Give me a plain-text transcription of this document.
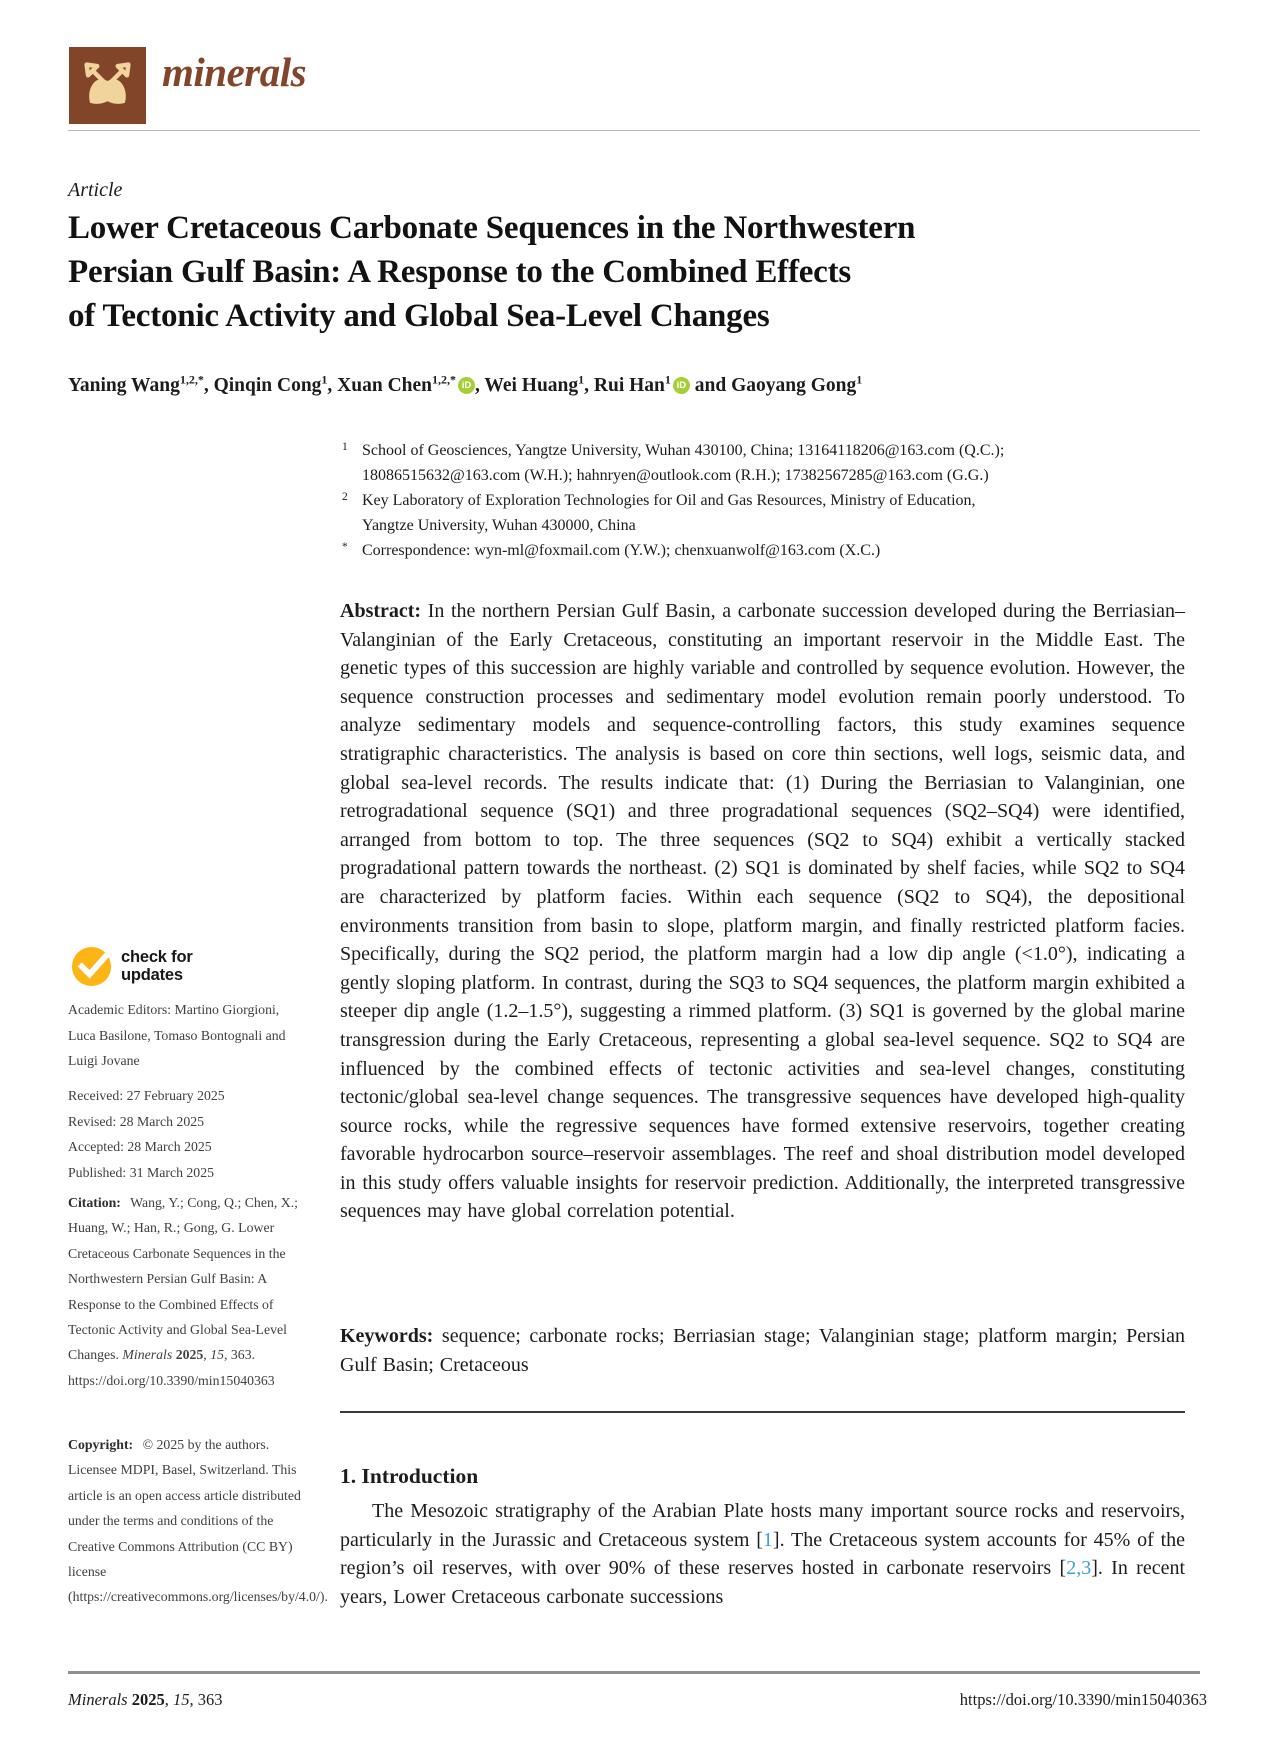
minerals
Article
Lower Cretaceous Carbonate Sequences in the Northwestern
Persian Gulf Basin: A Response to the Combined Effects
of Tectonic Activity and Global Sea-Level Changes
Yaning Wang$^{1,2,*}$, Qinqin Cong$^1$, Xuan Chen$^{1,2,*}$ iD , Wei Huang$^1$, Rui Han$^1$ iD and Gaoyang Gong$^1$
1 School of Geosciences, Yangtze University, Wuhan 430100, China; 13164118206@163.com (Q.C.);
18086515632@163.com (W.H.); hahnryen@outlook.com (R.H.); 17382567285@163.com (G.G.)
2 Key Laboratory of Exploration Technologies for Oil and Gas Resources, Ministry of Education,
Yangtze University, Wuhan 430000, China
* Correspondence: wyn-ml@foxmail.com (Y.W.); chenxuanwolf@163.com (X.C.)
Abstract: In the northern Persian Gulf Basin, a carbonate succession developed during the Berriasian–Valanginian of the Early Cretaceous, constituting an important reservoir in the Middle East. The genetic types of this succession are highly variable and controlled by sequence evolution. However, the sequence construction processes and sedimentary model evolution remain poorly understood. To analyze sedimentary models and sequence-controlling factors, this study examines sequence stratigraphic characteristics. The analysis is based on core thin sections, well logs, seismic data, and global sea-level records. The results indicate that: (1) During the Berriasian to Valanginian, one retrogradational sequence (SQ1) and three progradational sequences (SQ2–SQ4) were identified, arranged from bottom to top. The three sequences (SQ2 to SQ4) exhibit a vertically stacked progradational pattern towards the northeast. (2) SQ1 is dominated by shelf facies, while SQ2 to SQ4 are characterized by platform facies. Within each sequence (SQ2 to SQ4), the depositional environments transition from basin to slope, platform margin, and finally restricted platform facies. Specifically, during the SQ2 period, the platform margin had a low dip angle (<1.0°), indicating a gently sloping platform. In contrast, during the SQ3 to SQ4 sequences, the platform margin exhibited a steeper dip angle (1.2–1.5°), suggesting a rimmed platform. (3) SQ1 is governed by the global marine transgression during the Early Cretaceous, representing a global sea-level sequence. SQ2 to SQ4 are influenced by the combined effects of tectonic activities and sea-level changes, constituting tectonic/global sea-level change sequences. The transgressive sequences have developed high-quality source rocks, while the regressive sequences have formed extensive reservoirs, together creating favorable hydrocarbon source–reservoir assemblages. The reef and shoal distribution model developed in this study offers valuable insights for reservoir prediction. Additionally, the interpreted transgressive sequences may have global correlation potential.
Keywords: sequence; carbonate rocks; Berriasian stage; Valanginian stage; platform margin; Persian Gulf Basin; Cretaceous
1. Introduction
The Mesozoic stratigraphy of the Arabian Plate hosts many important source rocks and reservoirs, particularly in the Jurassic and Cretaceous system [1]. The Cretaceous system accounts for 45% of the region’s oil reserves, with over 90% of these reserves hosted in carbonate reservoirs [2,3]. In recent years, Lower Cretaceous carbonate successions
check for
updates
Academic Editors: Martino Giorgioni, Luca Basilone, Tomaso Bontognali and Luigi Jovane
Received: 27 February 2025
Revised: 28 March 2025
Accepted: 28 March 2025
Published: 31 March 2025
Citation: Wang, Y.; Cong, Q.; Chen, X.; Huang, W.; Han, R.; Gong, G. Lower Cretaceous Carbonate Sequences in the Northwestern Persian Gulf Basin: A Response to the Combined Effects of Tectonic Activity and Global Sea-Level Changes. Minerals 2025, 15, 363. https://doi.org/10.3390/min15040363
Copyright: © 2025 by the authors. Licensee MDPI, Basel, Switzerland. This article is an open access article distributed under the terms and conditions of the Creative Commons Attribution (CC BY) license (https://creativecommons.org/licenses/by/4.0/).
Minerals 2025, 15, 363	https://doi.org/10.3390/min15040363
